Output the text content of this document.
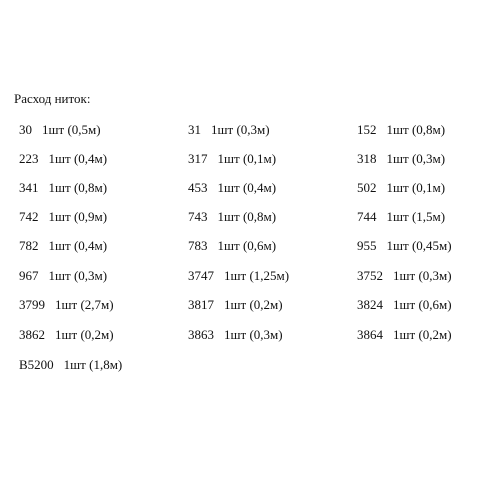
Расход ниток:
30 1шт (0,5м)	31 1шт (0,3м)	152 1шт (0,8м)
223 1шт (0,4м)	317 1шт (0,1м)	318 1шт (0,3м)
341 1шт (0,8м)	453 1шт (0,4м)	502 1шт (0,1м)
742 1шт (0,9м)	743 1шт (0,8м)	744 1шт (1,5м)
782 1шт (0,4м)	783 1шт (0,6м)	955 1шт (0,45м)
967 1шт (0,3м)	3747 1шт (1,25м)	3752 1шт (0,3м)
3799 1шт (2,7м)	3817 1шт (0,2м)	3824 1шт (0,6м)
3862 1шт (0,2м)	3863 1шт (0,3м)	3864 1шт (0,2м)
B5200 1шт (1,8м)
